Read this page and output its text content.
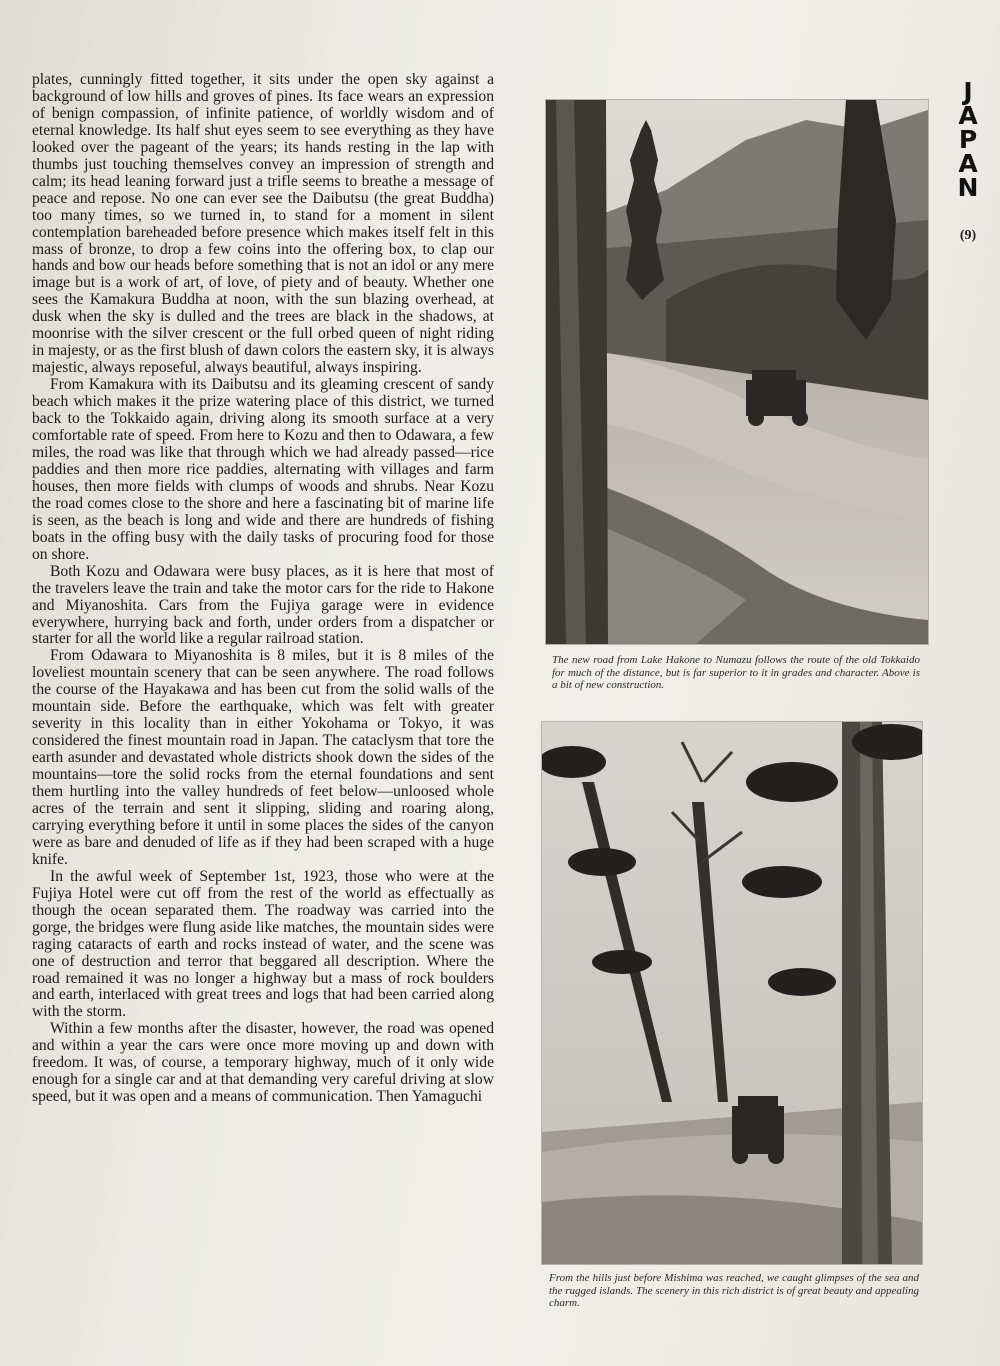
plates, cunningly fitted together, it sits under the open sky against a background of low hills and groves of pines. Its face wears an expression of benign compassion, of infinite patience, of worldly wisdom and of eternal knowledge. Its half shut eyes seem to see everything as they have looked over the pageant of the years; its hands resting in the lap with thumbs just touching themselves convey an impression of strength and calm; its head leaning forward just a trifle seems to breathe a message of peace and repose. No one can ever see the Daibutsu (the great Buddha) too many times, so we turned in, to stand for a moment in silent contemplation bareheaded before presence which makes itself felt in this mass of bronze, to drop a few coins into the offering box, to clap our hands and bow our heads before something that is not an idol or any mere image but is a work of art, of love, of piety and of beauty. Whether one sees the Kamakura Buddha at noon, with the sun blazing overhead, at dusk when the sky is dulled and the trees are black in the shadows, at moonrise with the silver crescent or the full orbed queen of night riding in majesty, or as the first blush of dawn colors the eastern sky, it is always majestic, always reposeful, always beautiful, always inspiring.

From Kamakura with its Daibutsu and its gleaming crescent of sandy beach which makes it the prize watering place of this district, we turned back to the Tokkaido again, driving along its smooth surface at a very comfortable rate of speed. From here to Kozu and then to Odawara, a few miles, the road was like that through which we had already passed—rice paddies and then more rice paddies, alternating with villages and farm houses, then more fields with clumps of woods and shrubs. Near Kozu the road comes close to the shore and here a fascinating bit of marine life is seen, as the beach is long and wide and there are hundreds of fishing boats in the offing busy with the daily tasks of procuring food for those on shore.

Both Kozu and Odawara were busy places, as it is here that most of the travelers leave the train and take the motor cars for the ride to Hakone and Miyanoshita. Cars from the Fujiya garage were in evidence everywhere, hurrying back and forth, under orders from a dispatcher or starter for all the world like a regular railroad station.

From Odawara to Miyanoshita is 8 miles, but it is 8 miles of the loveliest mountain scenery that can be seen anywhere. The road follows the course of the Hayakawa and has been cut from the solid walls of the mountain side. Before the earthquake, which was felt with greater severity in this locality than in either Yokohama or Tokyo, it was considered the finest mountain road in Japan. The cataclysm that tore the earth asunder and devastated whole districts shook down the sides of the mountains—tore the solid rocks from the eternal foundations and sent them hurtling into the valley hundreds of feet below—unloosed whole acres of the terrain and sent it slipping, sliding and roaring along, carrying everything before it until in some places the sides of the canyon were as bare and denuded of life as if they had been scraped with a huge knife.

In the awful week of September 1st, 1923, those who were at the Fujiya Hotel were cut off from the rest of the world as effectually as though the ocean separated them. The roadway was carried into the gorge, the bridges were flung aside like matches, the mountain sides were raging cataracts of earth and rocks instead of water, and the scene was one of destruction and terror that beggared all description. Where the road remained it was no longer a highway but a mass of rock boulders and earth, interlaced with great trees and logs that had been carried along with the storm.

Within a few months after the disaster, however, the road was opened and within a year the cars were once more moving up and down with freedom. It was, of course, a temporary highway, much of it only wide enough for a single car and at that demanding very careful driving at slow speed, but it was open and a means of communication. Then Yamaguchi

J
A
P
A
N
(9)
The new road from Lake Hakone to Numazu follows the route of the old Tokkaido for much of the distance, but is far superior to it in grades and character. Above is a bit of new construction.
From the hills just before Mishima was reached, we caught glimpses of the sea and the rugged islands. The scenery in this rich district is of great beauty and appealing charm.
